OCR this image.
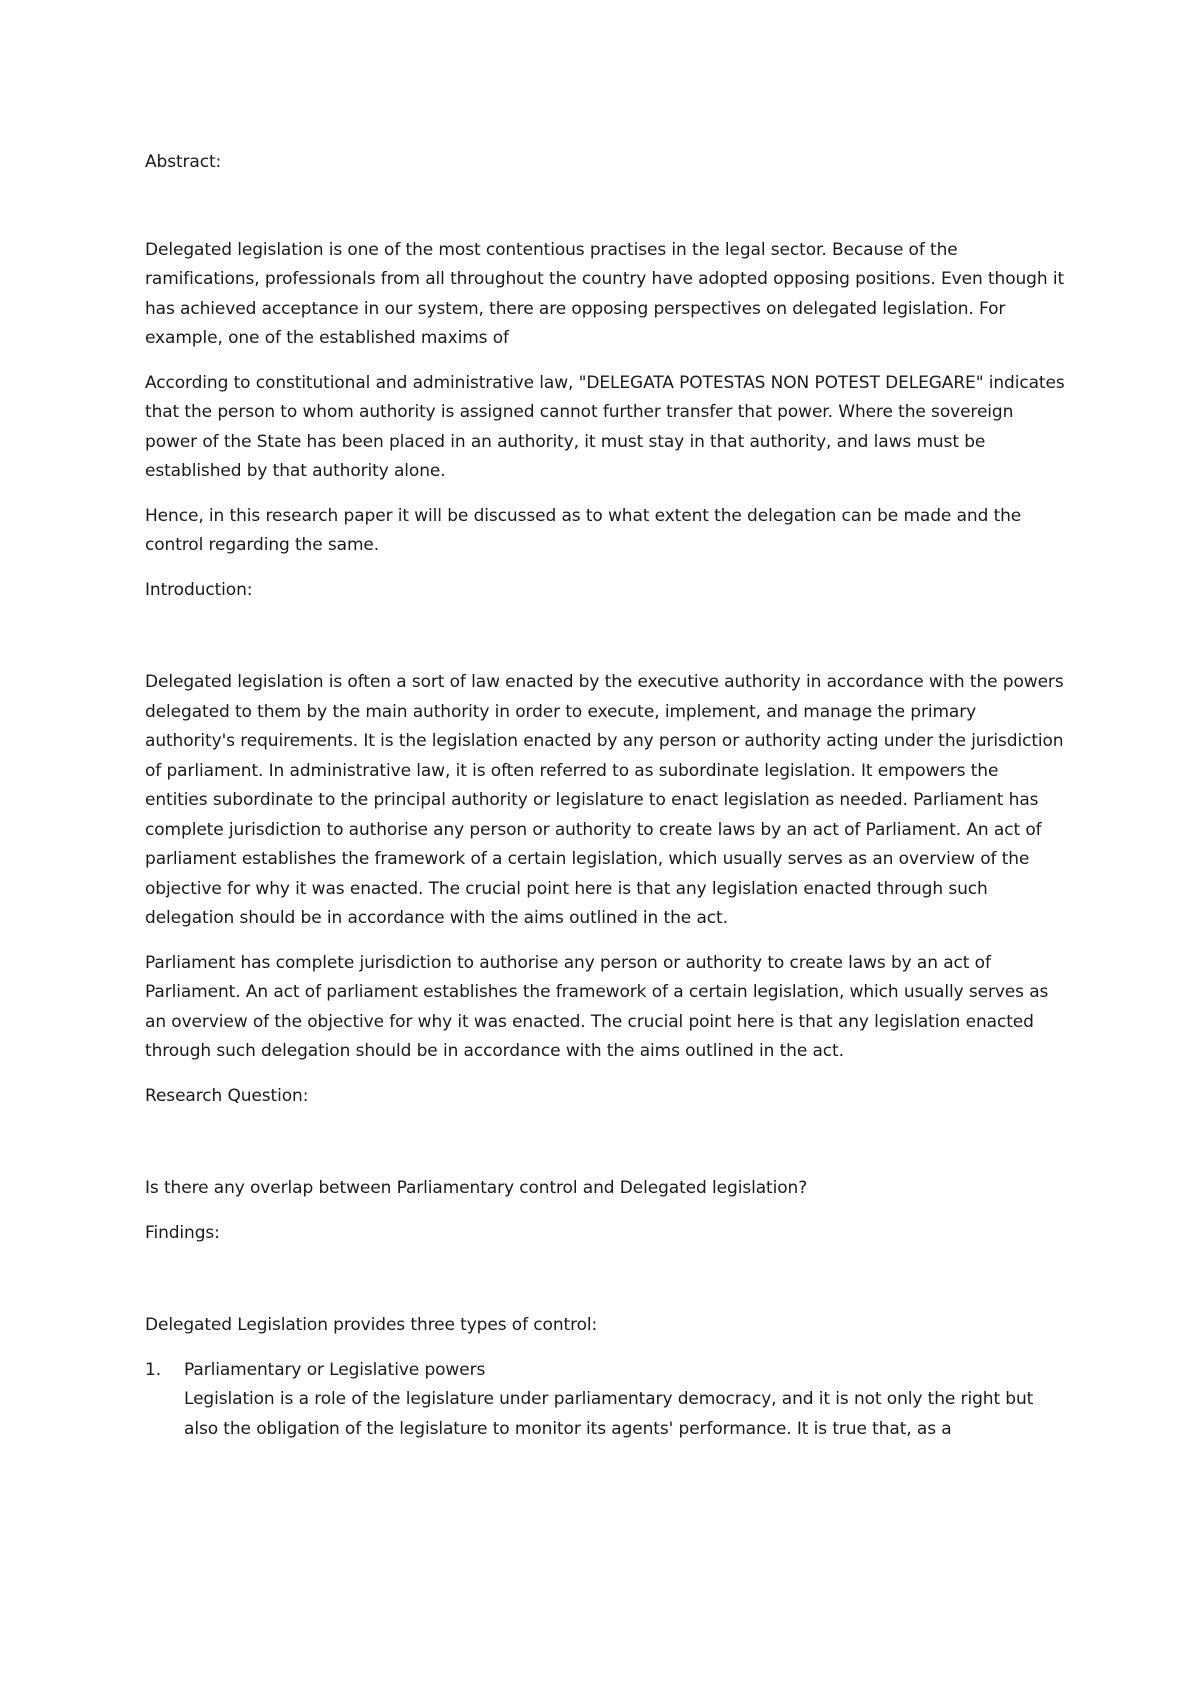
Abstract:

Delegated legislation is one of the most contentious practises in the legal sector. Because of the ramifications, professionals from all throughout the country have adopted opposing positions. Even though it has achieved acceptance in our system, there are opposing perspectives on delegated legislation. For example, one of the established maxims of

According to constitutional and administrative law, "DELEGATA POTESTAS NON POTEST DELEGARE" indicates that the person to whom authority is assigned cannot further transfer that power. Where the sovereign power of the State has been placed in an authority, it must stay in that authority, and laws must be established by that authority alone.

Hence, in this research paper it will be discussed as to what extent the delegation can be made and the control regarding the same.

Introduction:

Delegated legislation is often a sort of law enacted by the executive authority in accordance with the powers delegated to them by the main authority in order to execute, implement, and manage the primary authority's requirements. It is the legislation enacted by any person or authority acting under the jurisdiction of parliament. In administrative law, it is often referred to as subordinate legislation. It empowers the entities subordinate to the principal authority or legislature to enact legislation as needed. Parliament has complete jurisdiction to authorise any person or authority to create laws by an act of Parliament. An act of parliament establishes the framework of a certain legislation, which usually serves as an overview of the objective for why it was enacted. The crucial point here is that any legislation enacted through such delegation should be in accordance with the aims outlined in the act.

Parliament has complete jurisdiction to authorise any person or authority to create laws by an act of Parliament. An act of parliament establishes the framework of a certain legislation, which usually serves as an overview of the objective for why it was enacted. The crucial point here is that any legislation enacted through such delegation should be in accordance with the aims outlined in the act.

Research Question:

Is there any overlap between Parliamentary control and Delegated legislation?

Findings:

Delegated Legislation provides three types of control:

1. Parliamentary or Legislative powers

Legislation is a role of the legislature under parliamentary democracy, and it is not only the right but also the obligation of the legislature to monitor its agents' performance. It is true that, as a
